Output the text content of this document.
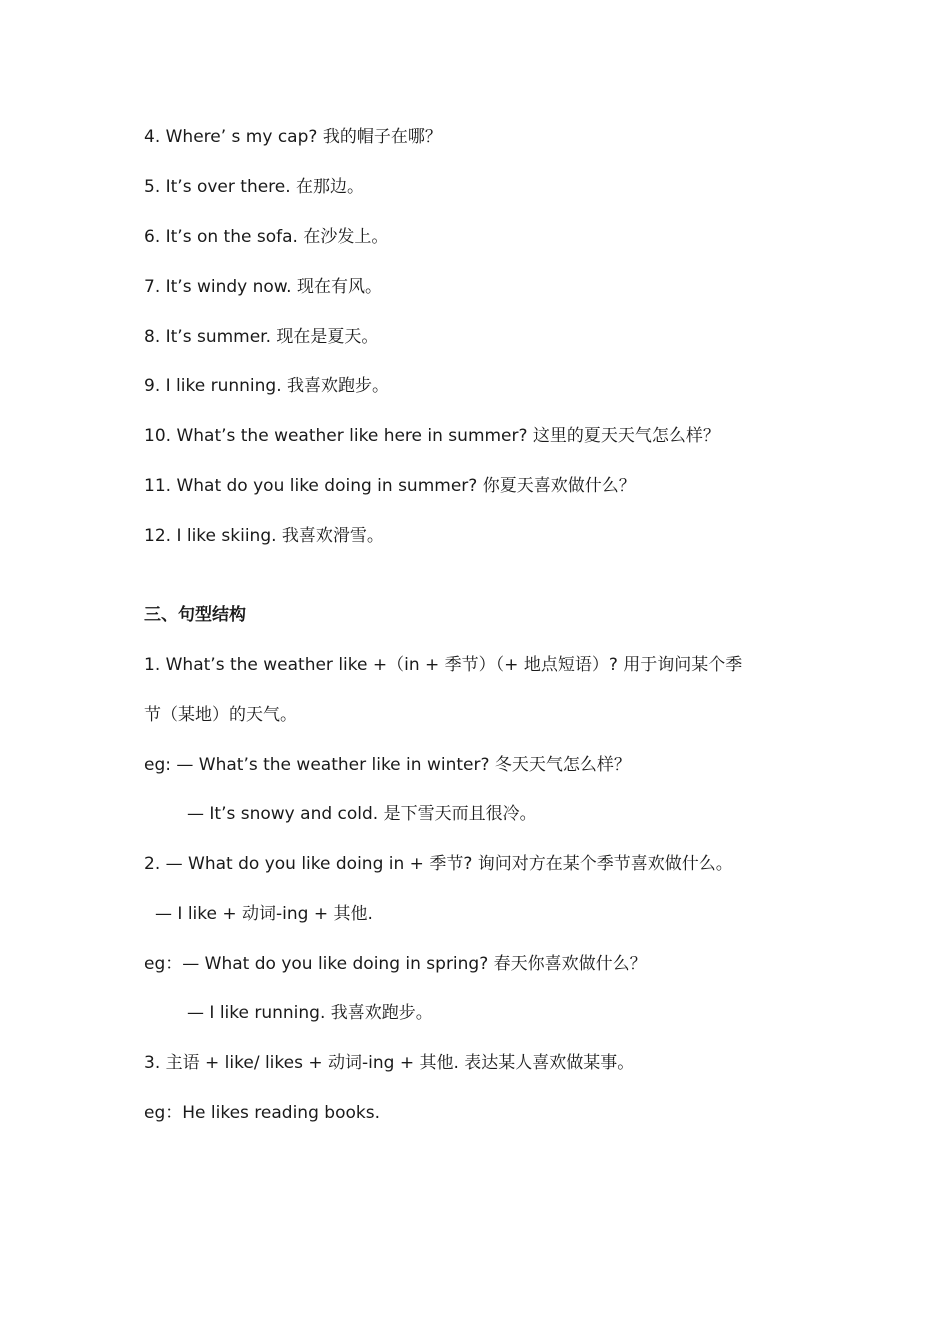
4. Where’ s my cap? 我的帽子在哪？
5. It’s over there. 在那边。
6. It’s on the sofa. 在沙发上。
7. It’s windy now. 现在有风。
8. It’s summer. 现在是夏天。
9. I like running. 我喜欢跑步。
10. What’s the weather like here in summer? 这里的夏天天气怎么样？
11. What do you like doing in summer? 你夏天喜欢做什么？
12. I like skiing. 我喜欢滑雪。
三、句型结构
1. What’s the weather like +（in + 季节）（+ 地点短语）? 用于询问某个季
节（某地）的天气。
eg: — What’s the weather like in winter? 冬天天气怎么样？
— It’s snowy and cold. 是下雪天而且很冷。
2. — What do you like doing in + 季节? 询问对方在某个季节喜欢做什么。
— I like + 动词-ing + 其他.
eg：— What do you like doing in spring? 春天你喜欢做什么？
— I like running. 我喜欢跑步。
3. 主语 + like/ likes + 动词-ing + 其他. 表达某人喜欢做某事。
eg：He likes reading books.
